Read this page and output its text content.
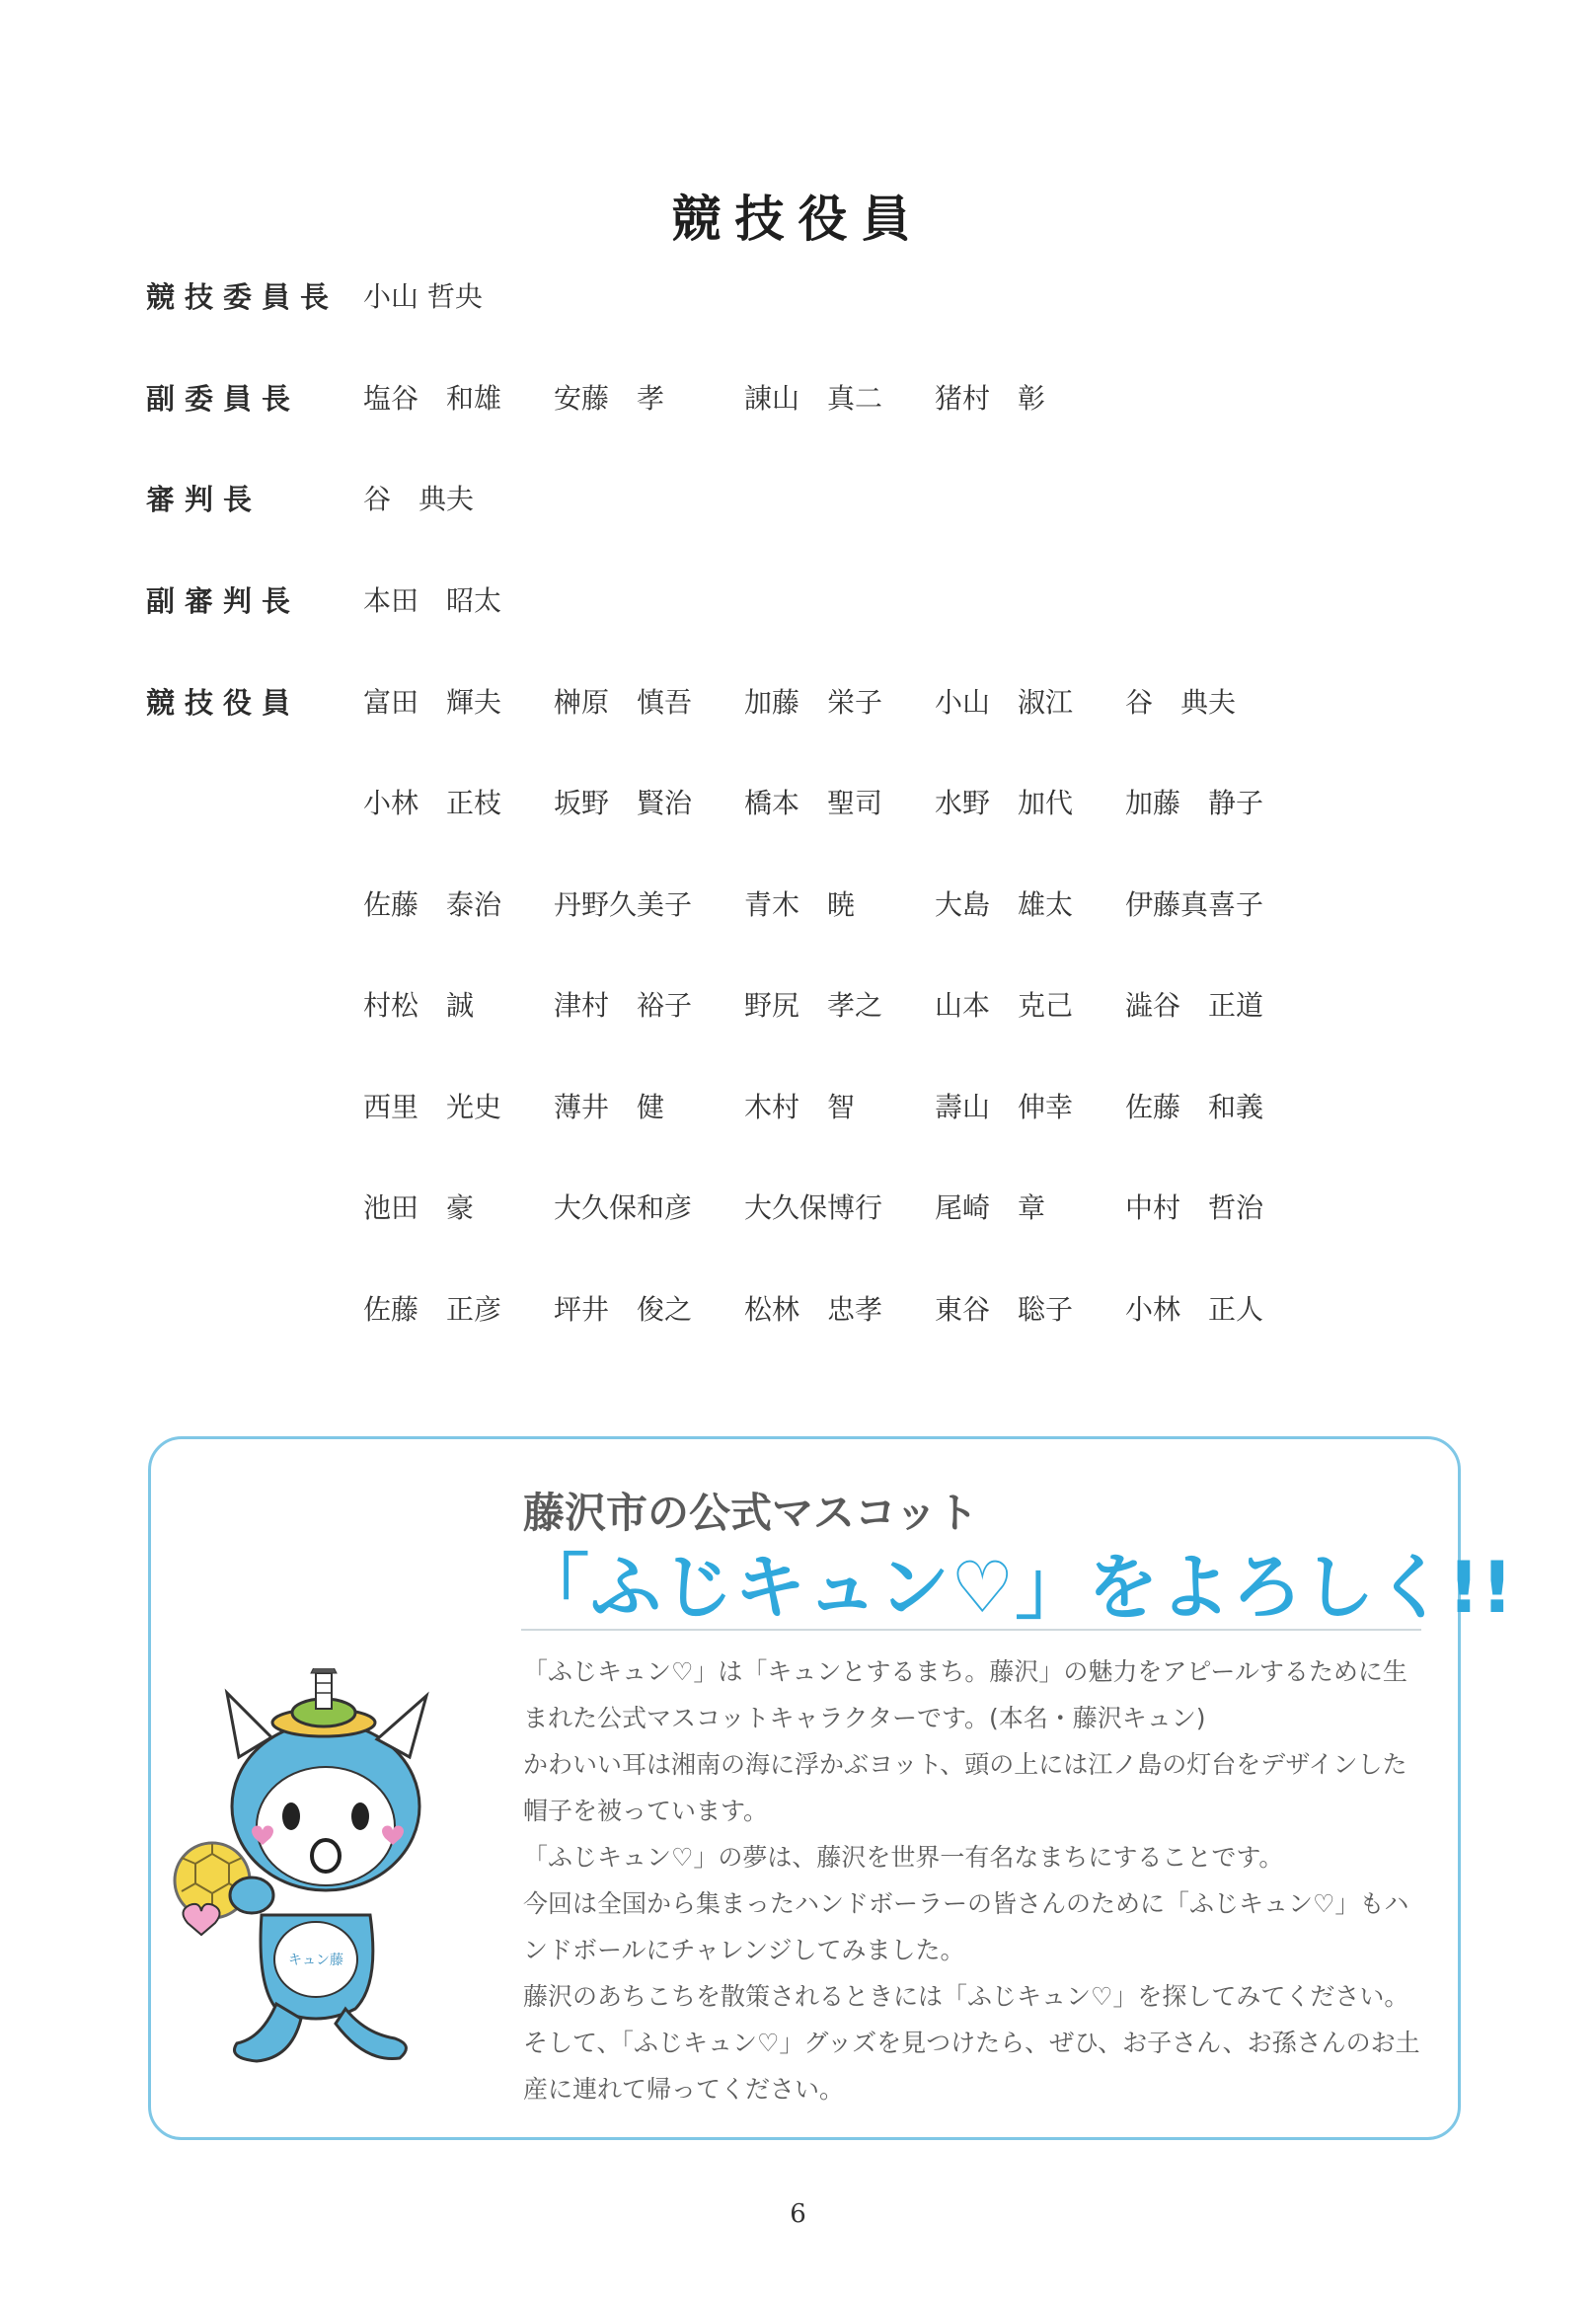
競技役員
競技委員長 小山 哲央
副委員長	塩谷　和雄	安藤　孝	諌山　真二	猪村　彰
審判長	谷　典夫
副審判長	本田　昭太
競技役員	富田　輝夫	榊原　慎吾	加藤　栄子	小山　淑江	谷　典夫
小林　正枝	坂野　賢治	橋本　聖司	水野　加代	加藤　静子
佐藤　泰治	丹野久美子	青木　暁	大島　雄太	伊藤真喜子
村松　誠	津村　裕子	野尻　孝之	山本　克己	澁谷　正道
西里　光史	薄井　健	木村　智	壽山　伸幸	佐藤　和義
池田　豪	大久保和彦	大久保博行	尾崎　章	中村　哲治
佐藤　正彦	坪井　俊之	松林　忠孝	東谷　聡子	小林　正人
藤沢市の公式マスコット
「ふじキュン♡」をよろしく!!

「ふじキュン♡」は「キュンとするまち。藤沢」の魅力をアピールするために生まれた公式マスコットキャラクターです。(本名・藤沢キュン)

かわいい耳は湘南の海に浮かぶヨット、頭の上には江ノ島の灯台をデザインした帽子を被っています。

「ふじキュン♡」の夢は、藤沢を世界一有名なまちにすることです。

今回は全国から集まったハンドボーラーの皆さんのために「ふじキュン♡」もハンドボールにチャレンジしてみました。

藤沢のあちこちを散策されるときには「ふじキュン♡」を探してみてください。そして、「ふじキュン♡」グッズを見つけたら、ぜひ、お子さん、お孫さんのお土産に連れて帰ってください。

キュン藤
6
